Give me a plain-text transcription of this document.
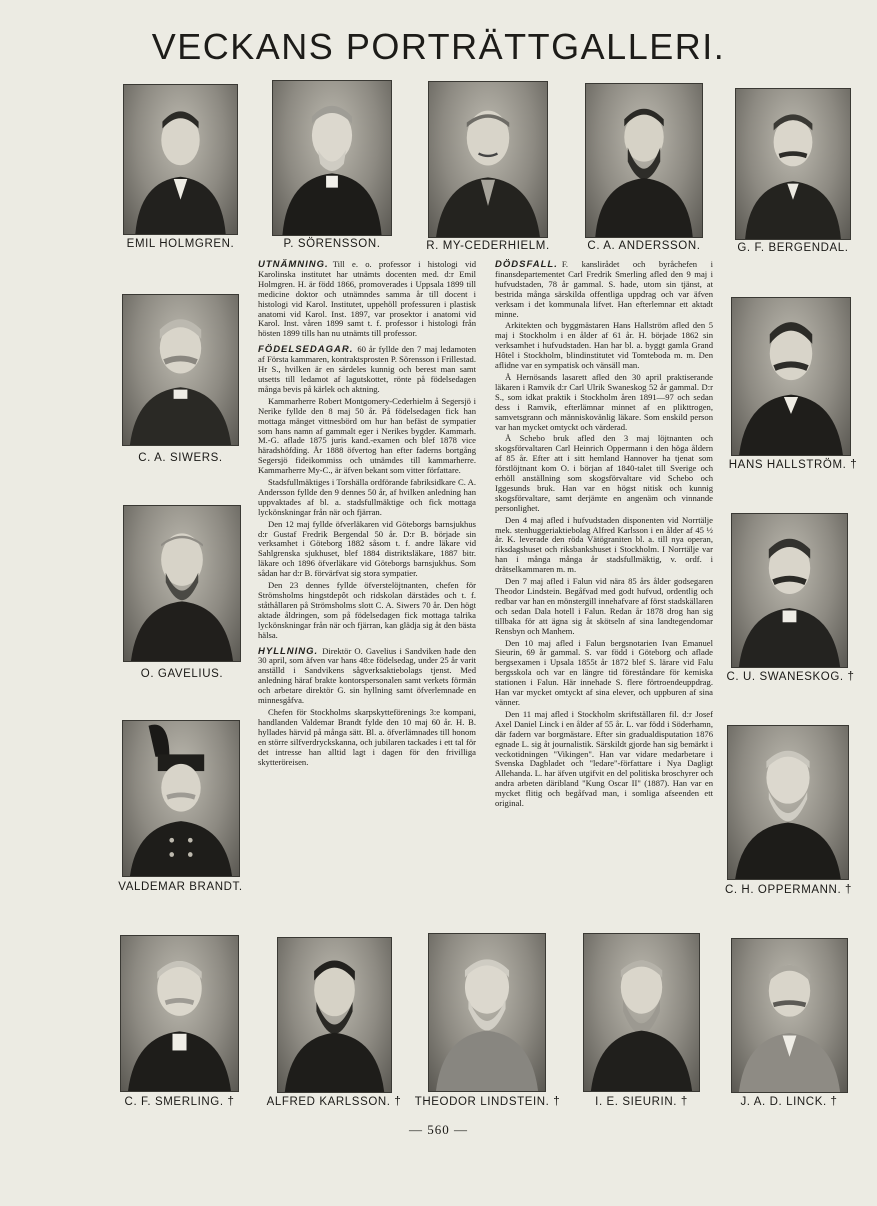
VECKANS PORTRÄTTGALLERI.
EMIL HOLMGREN.	P. SÖRENSSON.	R. MY-CEDERHIELM.	C. A. ANDERSSON.	G. F. BERGENDAL.
C. A. SIWERS.
O. GAVELIUS.
VALDEMAR BRANDT.
HANS HALLSTRÖM. †
C. U. SWANESKOG. †
C. H. OPPERMANN. †
C. F. SMERLING. †	ALFRED KARLSSON. †	THEODOR LINDSTEIN. †	I. E. SIEURIN. †	J. A. D. LINCK. †

UTNÄMNING. Till e. o. professor i histologi vid Karolinska institutet har utnämts docenten med. d:r Emil Holmgren. H. är född 1866, promoverades i Uppsala 1899 till medicine doktor och utnämndes samma år till docent i histologi vid Karol. Institutet, uppehöll professuren i plastisk anatomi vid Karol. Inst. 1897, var prosektor i anatomi vid Karol. Inst. våren 1899 samt t. f. professor i histologi från hösten 1899 tills han nu utnämts till professor.

FÖDELSEDAGAR. 60 år fyllde den 7 maj ledamoten af Första kammaren, kontraktsprosten P. Sörensson i Frillestad. Hr S., hvilken är en särdeles kunnig och berest man samt utsetts till ledamot af lagutskottet, rönte på födelsedagen många bevis på kärlek och aktning.

Kammarherre Robert Montgomery-Cederhielm å Segersjö i Nerike fyllde den 8 maj 50 år. På födelsedagen fick han mottaga mänget vittnesbörd om hur han befäst de sympatier som hans namn af gammalt eger i Nerikes bygder. Kammarh. M.-G. aflade 1875 juris kand.-examen och blef 1878 vice häradshöfding. År 1888 öfvertog han efter faderns bortgång Segersjö fideikommiss och utnämdes till kammarherre. Kammarherre My-C., är äfven bekant som vitter författare.

Stadsfullmäktiges i Torshälla ordförande fabriksidkare C. A. Andersson fyllde den 9 dennes 50 år, af hvilken anledning han uppvaktades af bl. a. stadsfullmäktige och fick mottaga lyckönskningar från när och fjärran.

Den 12 maj fyllde öfverläkaren vid Göteborgs barnsjukhus d:r Gustaf Fredrik Bergendal 50 år. D:r B. började sin verksamhet i Göteborg 1882 såsom t. f. andre läkare vid Sahlgrenska sjukhuset, blef 1884 distriktsläkare, 1887 bitr. läkare och 1896 öfverläkare vid Göteborgs barnsjukhus. Som sådan har d:r B. förvärfvat sig stora sympatier.

Den 23 dennes fyllde öfverstelöjtnanten, chefen för Strömsholms hingstdepôt och ridskolan därstädes och t. f. ståthållaren på Strömsholms slott C. A. Siwers 70 år. Den högt aktade åldringen, som på födelsedagen fick mottaga talrika lyckönskningar från när och fjärran, kan glädja sig åt den bästa hälsa.

HYLLNING. Direktör O. Gavelius i Sandviken hade den 30 april, som äfven var hans 48:e födelsedag, under 25 år varit anställd i Sandvikens sågverksaktiebolags tjenst. Med anledning häraf brakte kontorspersonalen samt verkets förmän och arbetare direktör G. sin hyllning samt öfverlemnade en minnesgåfva.

Chefen för Stockholms skarpskytteförenings 3:e kompani, handlanden Valdemar Brandt fylde den 10 maj 60 år. H. B. hyllades härvid på många sätt. Bl. a. öfverlämnades till honom en större silfverdryckskanna, och jubilaren tackades i ett tal för det intresse han alltid lagt i dagen för den frivilliga skytteröreisen.

DÖDSFALL. F. kanslirådet och byråchefen i finansdepartementet Carl Fredrik Smerling afled den 9 maj i hufvudstaden, 78 år gammal. S. hade, utom sin tjänst, at bestrida många särskilda offentliga uppdrag och var äfven verksam i det kommunala lifvet. Han efterlemnar ett aktadt minne.

Arkitekten och byggmästaren Hans Hallström afled den 5 maj i Stockholm i en ålder af 61 år. H. började 1862 sin verksamhet i hufvudstaden. Han har bl. a. byggt gamla Grand Hôtel i Stockholm, blindinstitutet vid Tomteboda m. m. Den aflidne var en sympatisk och vänsäll man.

Å Hernösands lasarett afled den 30 april praktiserande läkaren i Ramvik d:r Carl Ulrik Swaneskog 52 år gammal. D:r S., som idkat praktik i Stockholm åren 1891—97 och sedan dess i Ramvik, efterlämnar minnet af en plikttrogen, samvetsgrann och människovänlig läkare. Som enskild person var han mycket omtyckt och värderad.

Å Schebo bruk afled den 3 maj löjtnanten och skogsförvaltaren Carl Heinrich Oppermann i den höga åldern af 85 år. Efter att i sitt hemland Hannover ha tjenat som förstlöjtnant kom O. i början af 1840-talet till Sverige och erhöll anställning som skogsförvaltare vid Schebo och Iggesunds bruk. Han var en högst nitisk och kunnig skogsförvaltare, samt derjämte en angenäm och vinnande personlighet.

Den 4 maj afled i hufvudstaden disponenten vid Norrtälje mek. stenhuggeriaktiebolag Alfred Karlsson i en ålder af 45 ½ år. K. leverade den röda Vätögraniten bl. a. till nya operan, riksdagshuset och riksbankshuset i Stockholm. I Norrtälje var han i många många år stadsfullmäktig, v. ordf. i drätselkammaren m. m.

Den 7 maj afled i Falun vid nära 85 års ålder godsegaren Theodor Lindstein. Begåfvad med godt hufvud, ordentlig och redbar var han en mönstergill innehafvare af först stadskällaren och sedan Dala hotell i Falun. Redan år 1878 drog han sig tillbaka för att ägna sig åt skötseln af sina landtegendomar Rensbyn och Manhem.

Den 10 maj afled i Falun bergsnotarien Ivan Emanuel Sieurin, 69 år gammal. S. var född i Göteborg och aflade bergsexamen i Upsala 1855t år 1872 blef S. lärare vid Falu bergsskola och var en längre tid föreståndare för kemiska stationen i Falun. Här innehade S. flere förtroendeuppdrag. Han var mycket omtyckt af sina elever, och uppburen af sina vänner.

Den 11 maj afled i Stockholm skriftställaren fil. d:r Josef Axel Daniel Linck i en ålder af 55 år. L. var född i Söderhamn, där fadern var borgmästare. Efter sin gradualdisputation 1876 egnade L. sig åt journalistik. Särskildt gjorde han sig bemärkt i veckotidningen "Vikingen". Han var vidare medarbetare i Svenska Dagbladet och "ledare"-författare i Nya Dagligt Allehanda. L. har äfven utgifvit en del politiska broschyrer och andra arbeten däribland "Kung Oscar II" (1887). Han var en mycket flitig och begåfvad man, i somliga afseenden ett original.

— 560 —
